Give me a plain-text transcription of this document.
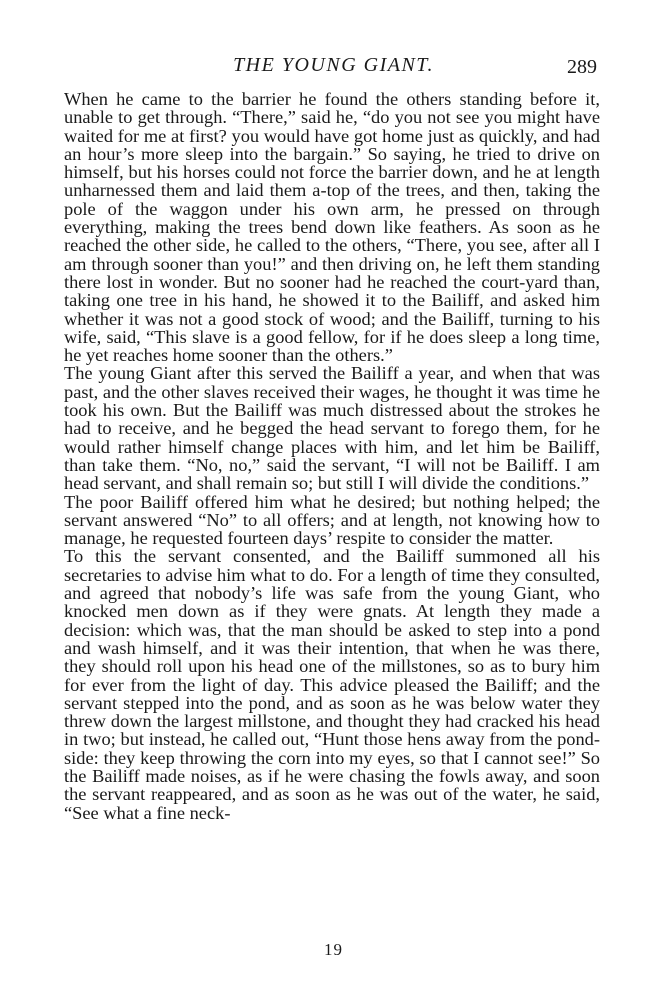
THE YOUNG GIANT.	289

When he came to the barrier he found the others standing before it, unable to get through. “There,” said he, “do you not see you might have waited for me at first? you would have got home just as quickly, and had an hour’s more sleep into the bargain.” So saying, he tried to drive on himself, but his horses could not force the barrier down, and he at length unharnessed them and laid them a-top of the trees, and then, taking the pole of the waggon under his own arm, he pressed on through everything, making the trees bend down like feathers. As soon as he reached the other side, he called to the others, “There, you see, after all I am through sooner than you!” and then driving on, he left them standing there lost in wonder. But no sooner had he reached the court-yard than, taking one tree in his hand, he showed it to the Bailiff, and asked him whether it was not a good stock of wood; and the Bailiff, turning to his wife, said, “This slave is a good fellow, for if he does sleep a long time, he yet reaches home sooner than the others.”

The young Giant after this served the Bailiff a year, and when that was past, and the other slaves received their wages, he thought it was time he took his own. But the Bailiff was much distressed about the strokes he had to receive, and he begged the head servant to forego them, for he would rather himself change places with him, and let him be Bailiff, than take them. “No, no,” said the servant, “I will not be Bailiff. I am head servant, and shall remain so; but still I will divide the conditions.”

The poor Bailiff offered him what he desired; but nothing helped; the servant answered “No” to all offers; and at length, not knowing how to manage, he requested fourteen days’ respite to consider the matter.

To this the servant consented, and the Bailiff summoned all his secretaries to advise him what to do. For a length of time they consulted, and agreed that nobody’s life was safe from the young Giant, who knocked men down as if they were gnats. At length they made a decision: which was, that the man should be asked to step into a pond and wash himself, and it was their intention, that when he was there, they should roll upon his head one of the millstones, so as to bury him for ever from the light of day. This advice pleased the Bailiff; and the servant stepped into the pond, and as soon as he was below water they threw down the largest millstone, and thought they had cracked his head in two; but instead, he called out, “Hunt those hens away from the pond-side: they keep throwing the corn into my eyes, so that I cannot see!” So the Bailiff made noises, as if he were chasing the fowls away, and soon the servant reappeared, and as soon as he was out of the water, he said, “See what a fine neck-

19
